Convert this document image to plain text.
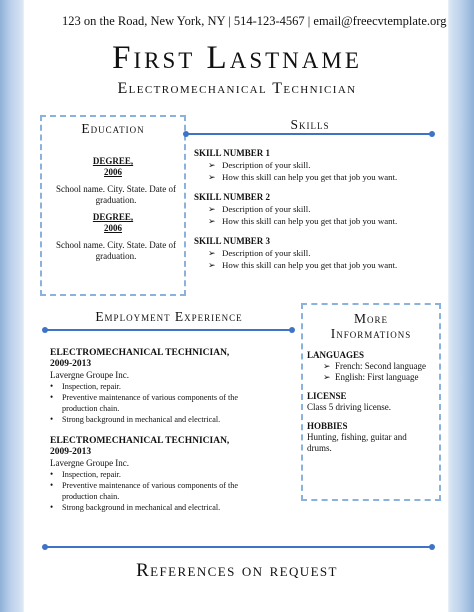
123 on the Road, New York, NY | 514-123-4567 | email@freecvtemplate.org
First Lastname
Electromechanical Technician
Education
DEGREE,
2006
School name. City. State. Date of
graduation.
DEGREE,
2006
School name. City. State. Date of
graduation.
Skills
SKILL NUMBER 1
➢ Description of your skill.
➢ How this skill can help you get that job you want.
SKILL NUMBER 2
➢ Description of your skill.
➢ How this skill can help you get that job you want.
SKILL NUMBER 3
➢ Description of your skill.
➢ How this skill can help you get that job you want.
Employment Experience
ELECTROMECHANICAL TECHNICIAN,
2009-2013
Lavergne Groupe Inc.
• Inspection, repair.
• Preventive maintenance of various components of the
production chain.
• Strong background in mechanical and electrical.
ELECTROMECHANICAL TECHNICIAN,
2009-2013
Lavergne Groupe Inc.
• Inspection, repair.
• Preventive maintenance of various components of the
production chain.
• Strong background in mechanical and electrical.
More
Informations
LANGUAGES
➢ French: Second language
➢ English: First language
LICENSE
Class 5 driving license.
HOBBIES
Hunting, fishing, guitar and
drums.
References on request
